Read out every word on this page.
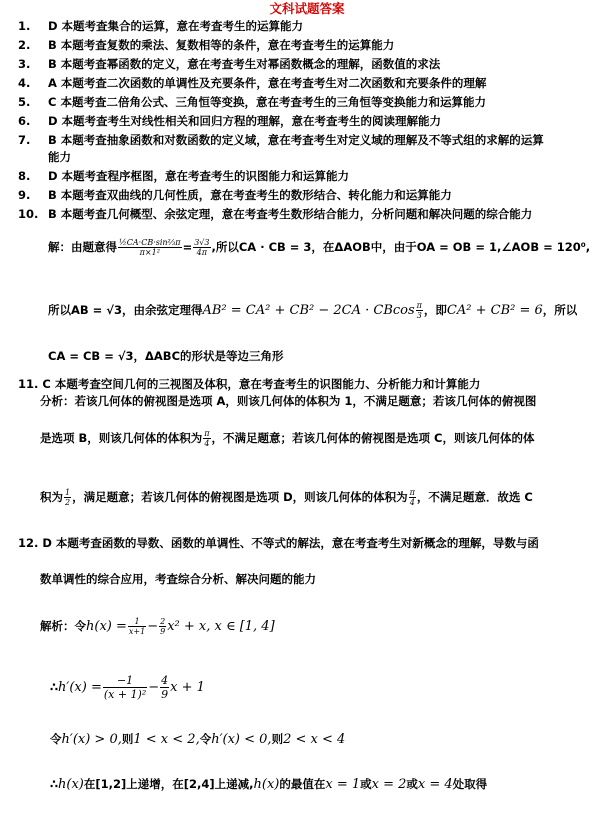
文科试题答案
1. D 本题考查集合的运算，意在考查考生的运算能力
2. B 本题考查复数的乘法、复数相等的条件，意在考查考生的运算能力
3. B 本题考查幂函数的定义，意在考查考生对幂函数概念的理解，函数值的求法
4. A 本题考查二次函数的单调性及充要条件，意在考查考生对二次函数和充要条件的理解
5. C 本题考查二倍角公式、三角恒等变换，意在考查考生的三角恒等变换能力和运算能力
6. D 本题考查考生对线性相关和回归方程的理解，意在考查考生的阅读理解能力
7. B 本题考查抽象函数和对数函数的定义域，意在考查考生对定义域的理解及不等式组的求解的运算
能力
8. D 本题考查程序框图，意在考查考生的识图能力和运算能力
9. B 本题考查双曲线的几何性质，意在考查考生的数形结合、转化能力和运算能力
10. B 本题考查几何概型、余弦定理，意在考查考生数形结合能力，分析问题和解决问题的综合能力
解：由题意得 $\frac{\text{½CA·CB·sin⅔π}}{\text{π×1²}} = \frac{3√3}{4\pi}$ ,所以CA · CB = 3，在ΔAOB中，由于OA = OB = 1,∠AOB = 120⁰,
所以AB = √3，由余弦定理得AB² = CA² + CB² − 2CA · CBcos $\frac{\pi}{3}$ ，即CA² + CB² = 6，所以
CA = CB = √3，ΔABC的形状是等边三角形
11. C 本题考查空间几何的三视图及体积，意在考查考生的识图能力、分析能力和计算能力
分析：若该几何体的俯视图是选项 A，则该几何体的体积为 1，不满足题意；若该几何体的俯视图
是选项 B，则该几何体的体积为 $\frac{\pi}{4}$ ，不满足题意；若该几何体的俯视图是选项 C，则该几何体的体
积为 $\frac{1}{2}$ ，满足题意；若该几何体的俯视图是选项 D，则该几何体的体积为 $\frac{\pi}{4}$ ，不满足题意．故选 C
12. D 本题考查函数的导数、函数的单调性、不等式的解法，意在考查考生对新概念的理解，导数与函
数单调性的综合应用，考查综合分析、解决问题的能力
解析：令$h(x) = \frac{1}{x+1} - \frac{2}{9} x^2 + x$, x ∈ [1, 4]
∴h′(x) = $\frac{-1}{\text{(x + 1)²}} - \frac{4}{9}$ x + 1
令h′(x) > 0,则1 < x < 2,令h′(x) < 0,则2 < x < 4
∴h(x)在[1,2]上递增，在[2,4]上递减,h(x)的最值在x = 1或x = 2或x = 4处取得
